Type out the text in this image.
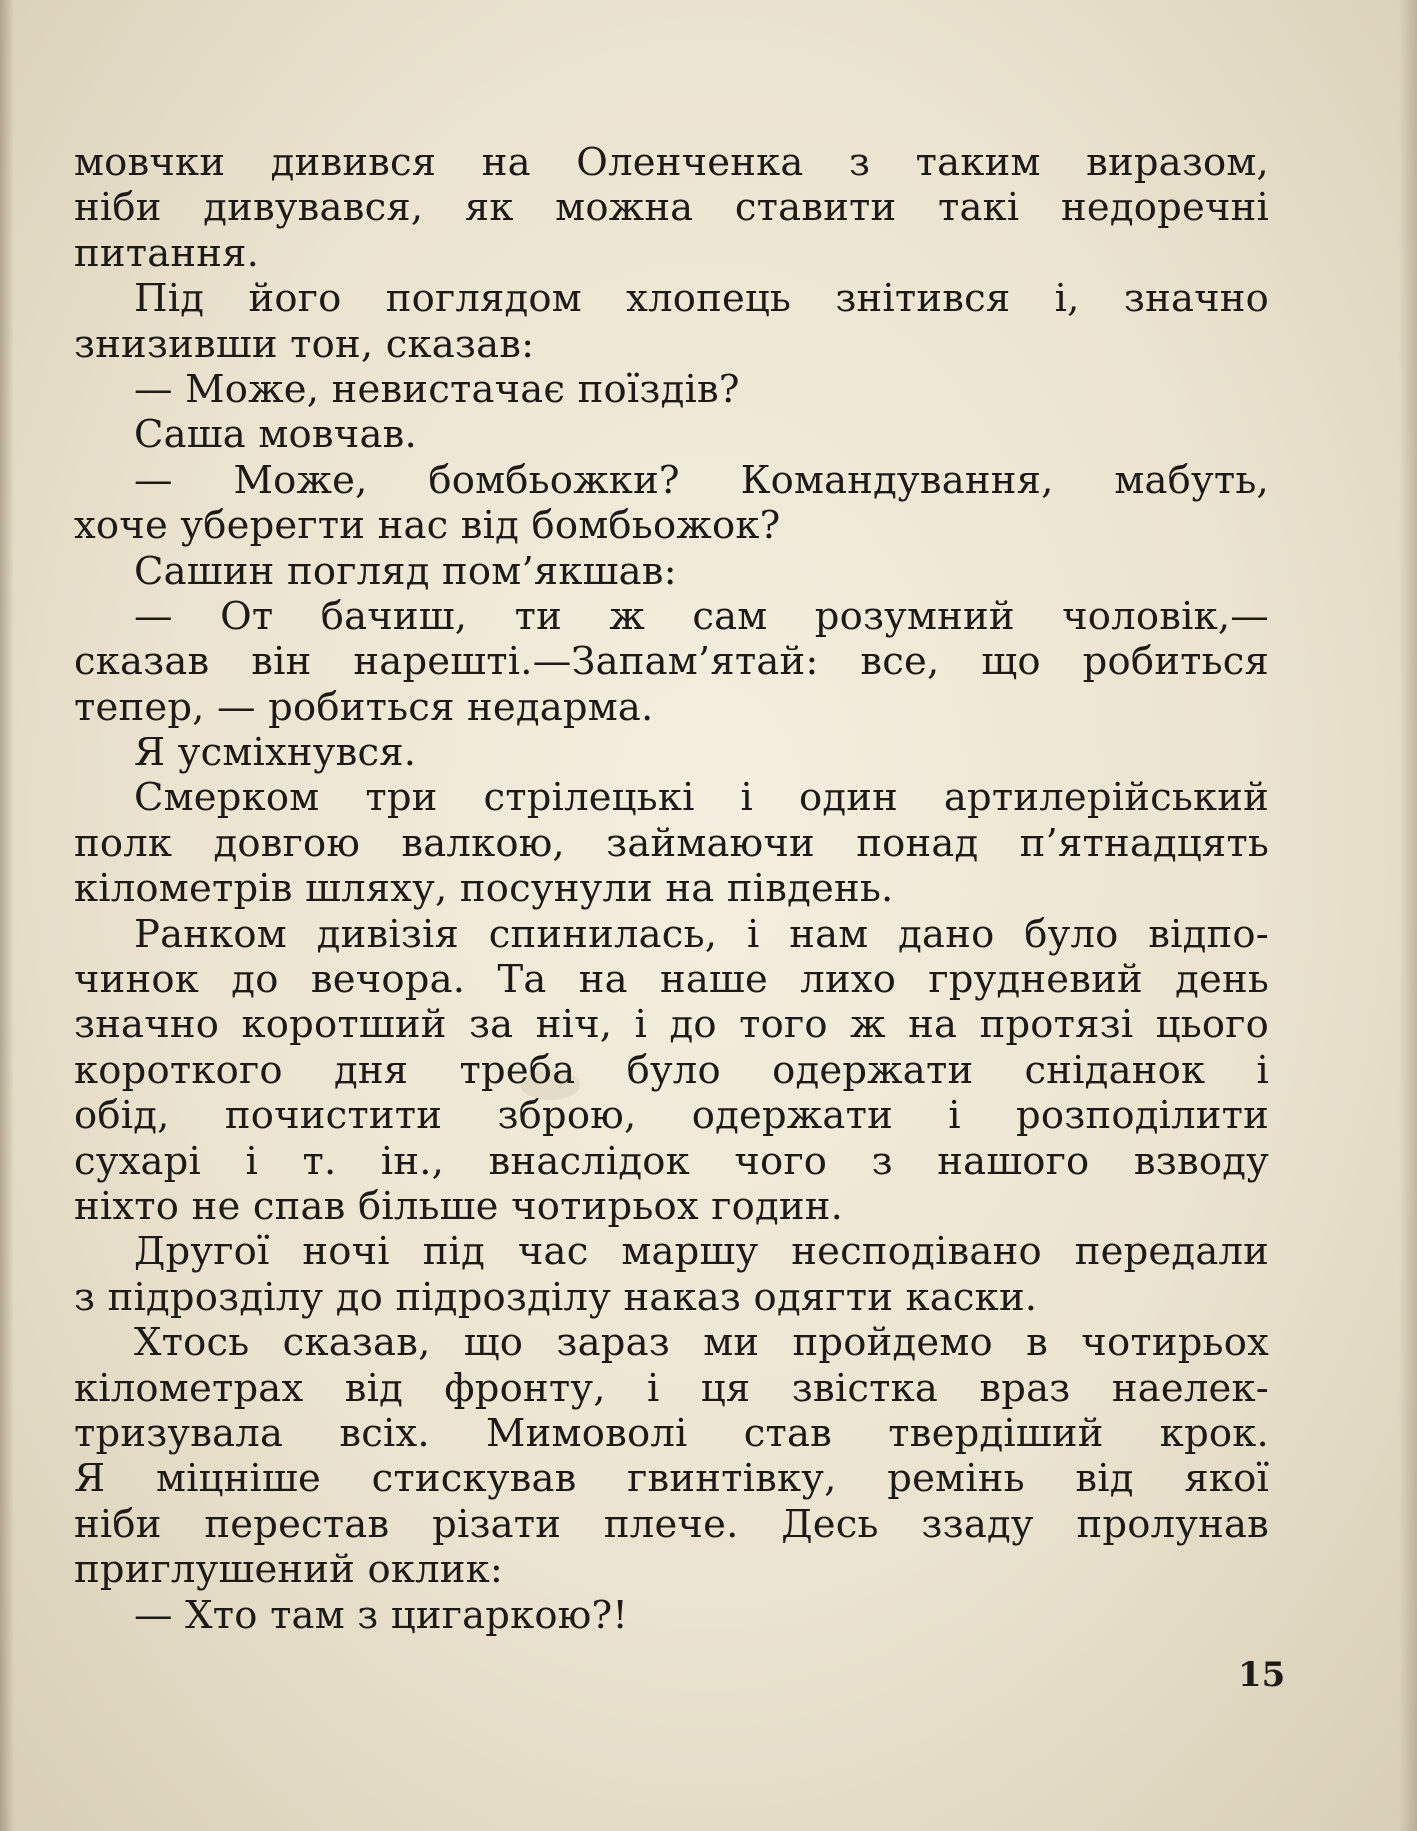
мовчки дивився на Оленченка з таким виразом,
ніби дивувався, як можна ставити такі недоречні
питання.
Під його поглядом хлопець знітився і, значно
знизивши тон, сказав:
— Може, невистачає поїздів?
Саша мовчав.
— Може, бомбьожки? Командування, мабуть,
хоче уберегти нас від бомбьожок?
Сашин погляд пом’якшав:
— От бачиш, ти ж сам розумний чоловік,—
сказав він нарешті.—Запам’ятай: все, що робиться
тепер, — робиться недарма.
Я усміхнувся.
Смерком три стрілецькі і один артилерійський
полк довгою валкою, займаючи понад п’ятнадцять
кілометрів шляху, посунули на південь.
Ранком дивізія спинилась, і нам дано було відпо-
чинок до вечора. Та на наше лихо грудневий день
значно коротший за ніч, і до того ж на протязі цього
короткого дня треба було одержати сніданок і
обід, почистити зброю, одержати і розподілити
сухарі і т. ін., внаслідок чого з нашого взводу
ніхто не спав більше чотирьох годин.
Другої ночі під час маршу несподівано передали
з підрозділу до підрозділу наказ одягти каски.
Хтось сказав, що зараз ми пройдемо в чотирьох
кілометрах від фронту, і ця звістка враз наелек-
тризувала всіх. Мимоволі став твердіший крок.
Я міцніше стискував гвинтівку, ремінь від якої
ніби перестав різати плече. Десь ззаду пролунав
приглушений оклик:
— Хто там з цигаркою?!
15
